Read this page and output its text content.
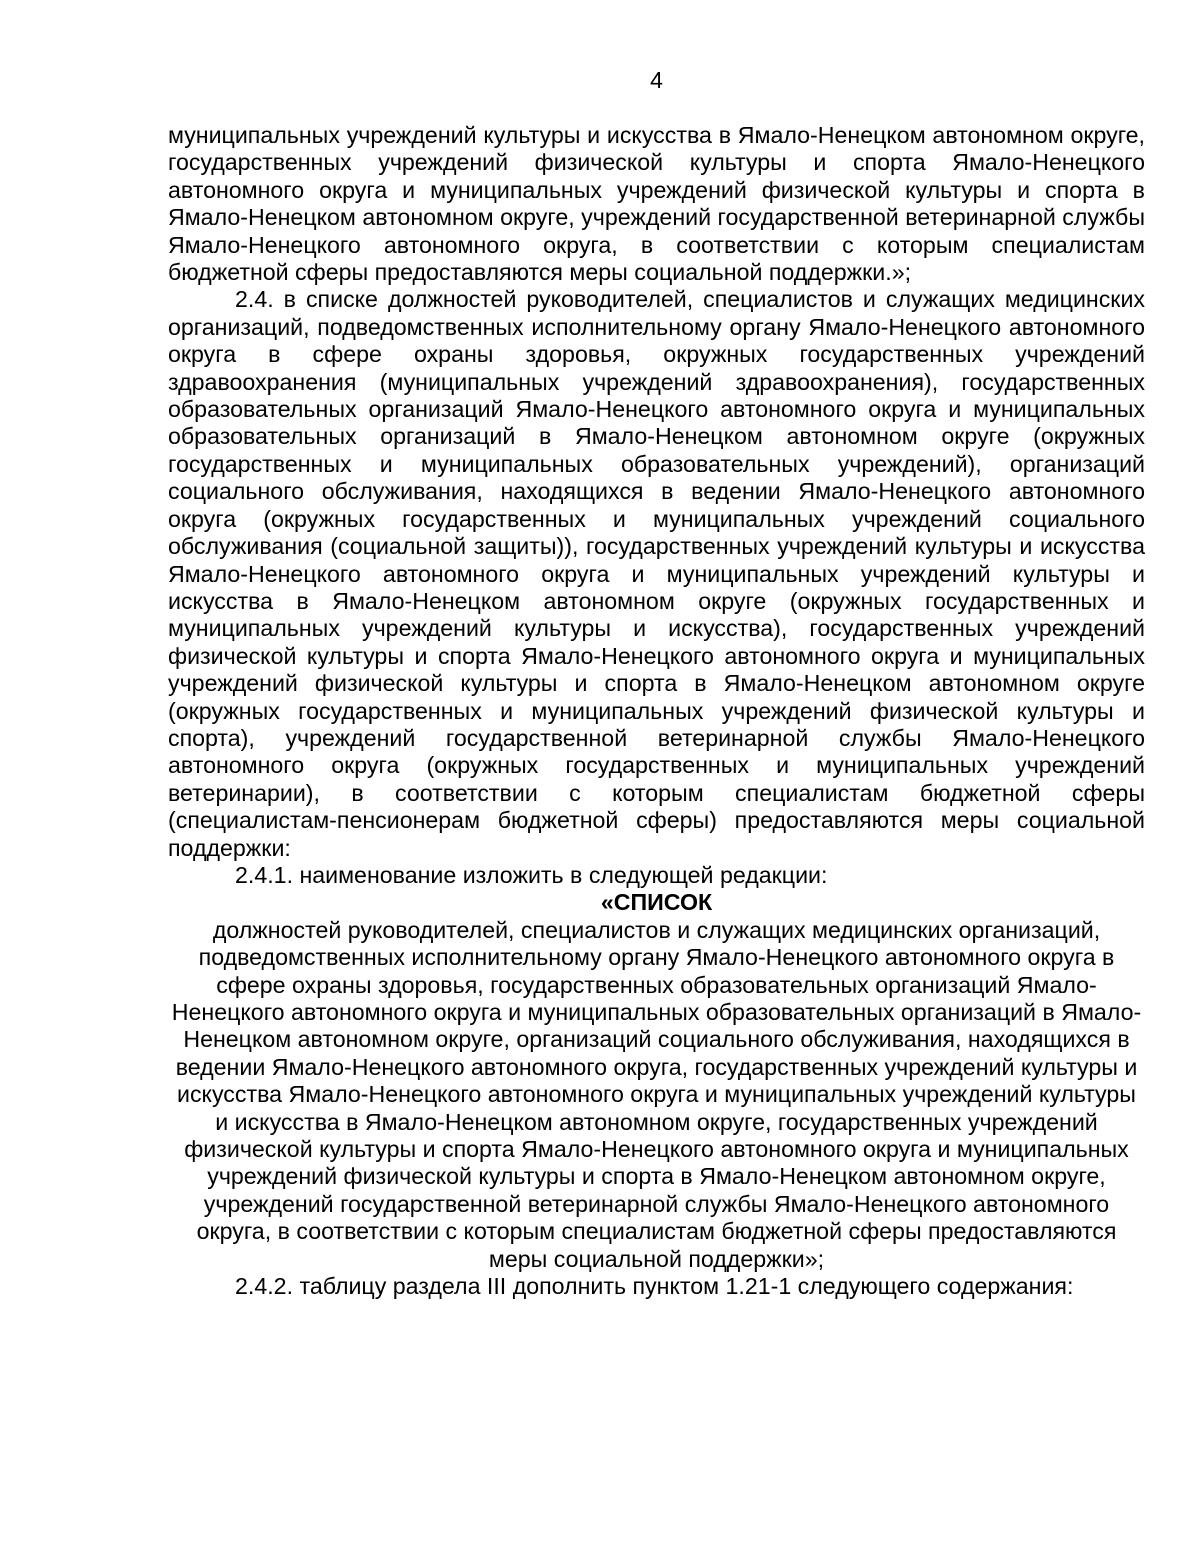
4

муниципальных учреждений культуры и искусства в Ямало-Ненецком автономном округе, государственных учреждений физической культуры и спорта Ямало-Ненецкого автономного округа и муниципальных учреждений физической культуры и спорта в Ямало-Ненецком автономном округе, учреждений государственной ветеринарной службы Ямало-Ненецкого автономного округа, в соответствии с которым специалистам бюджетной сферы предоставляются меры социальной поддержки.»;

2.4. в списке должностей руководителей, специалистов и служащих медицинских организаций, подведомственных исполнительному органу Ямало-Ненецкого автономного округа в сфере охраны здоровья, окружных государственных учреждений здравоохранения (муниципальных учреждений здравоохранения), государственных образовательных организаций Ямало-Ненецкого автономного округа и муниципальных образовательных организаций в Ямало-Ненецком автономном округе (окружных государственных и муниципальных образовательных учреждений), организаций социального обслуживания, находящихся в ведении Ямало-Ненецкого автономного округа (окружных государственных и муниципальных учреждений социального обслуживания (социальной защиты)), государственных учреждений культуры и искусства Ямало-Ненецкого автономного округа и муниципальных учреждений культуры и искусства в Ямало-Ненецком автономном округе (окружных государственных и муниципальных учреждений культуры и искусства), государственных учреждений физической культуры и спорта Ямало-Ненецкого автономного округа и муниципальных учреждений физической культуры и спорта в Ямало-Ненецком автономном округе (окружных государственных и муниципальных учреждений физической культуры и спорта), учреждений государственной ветеринарной службы Ямало-Ненецкого автономного округа (окружных государственных и муниципальных учреждений ветеринарии), в соответствии с которым специалистам бюджетной сферы (специалистам-пенсионерам бюджетной сферы) предоставляются меры социальной поддержки:

2.4.1. наименование изложить в следующей редакции:

«СПИСОК

должностей руководителей, специалистов и служащих медицинских организаций, подведомственных исполнительному органу Ямало-Ненецкого автономного округа в сфере охраны здоровья, государственных образовательных организаций Ямало-Ненецкого автономного округа и муниципальных образовательных организаций в Ямало-Ненецком автономном округе, организаций социального обслуживания, находящихся в ведении Ямало-Ненецкого автономного округа, государственных учреждений культуры и искусства Ямало-Ненецкого автономного округа и муниципальных учреждений культуры и искусства в Ямало-Ненецком автономном округе, государственных учреждений физической культуры и спорта Ямало-Ненецкого автономного округа и муниципальных учреждений физической культуры и спорта в Ямало-Ненецком автономном округе, учреждений государственной ветеринарной службы Ямало-Ненецкого автономного округа, в соответствии с которым специалистам бюджетной сферы предоставляются меры социальной поддержки»;

2.4.2. таблицу раздела III дополнить пунктом 1.21-1 следующего содержания:
